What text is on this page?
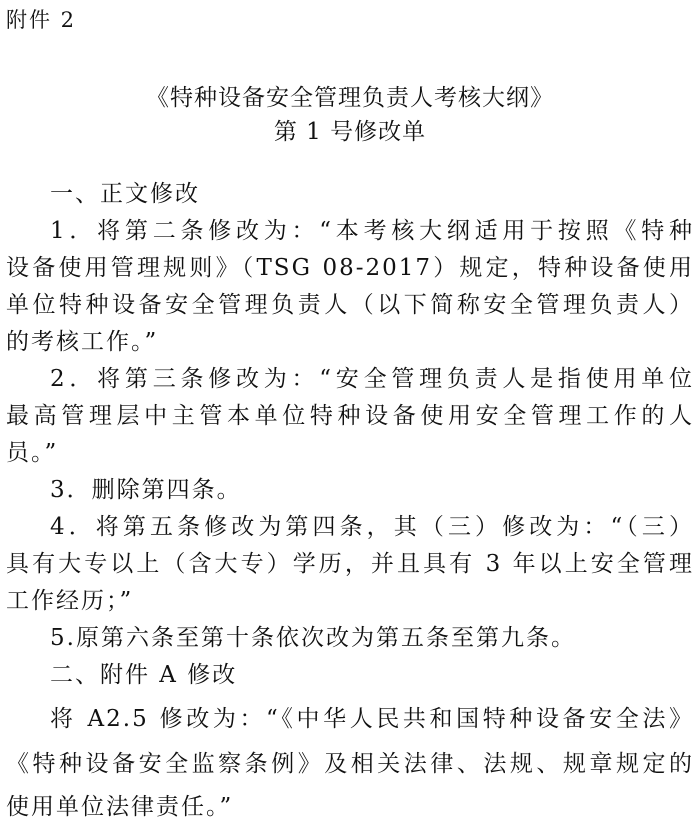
附件 2
《特种设备安全管理负责人考核大纲》
第 1 号修改单
一、正文修改
1．将第二条修改为：“本考核大纲适用于按照《特种
设备使用管理规则》（TSG 08-2017）规定，特种设备使用
单位特种设备安全管理负责人（以下简称安全管理负责人）
的考核工作。”
2．将第三条修改为：“安全管理负责人是指使用单位
最高管理层中主管本单位特种设备使用安全管理工作的人
员。”
3．删除第四条。
4．将第五条修改为第四条，其（三）修改为：“（三）
具有大专以上（含大专）学历，并且具有 3 年以上安全管理
工作经历；”
5.原第六条至第十条依次改为第五条至第九条。
二、附件 A 修改
将 A2.5 修改为：“《中华人民共和国特种设备安全法》
《特种设备安全监察条例》及相关法律、法规、规章规定的
使用单位法律责任。”
